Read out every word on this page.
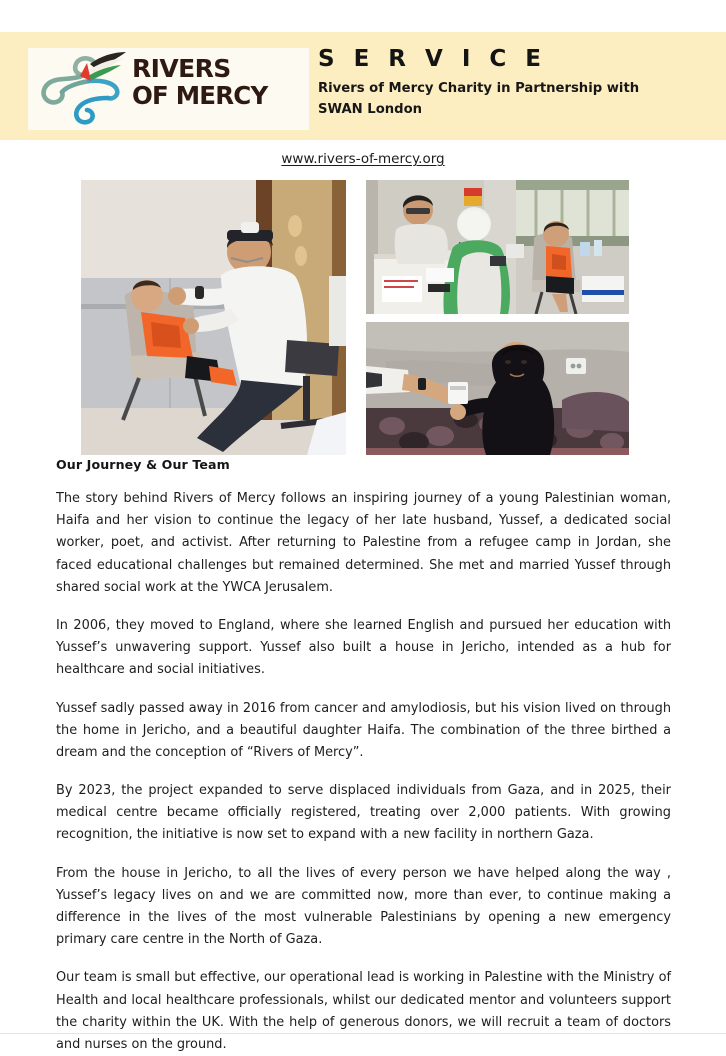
RIVERS
OF MERCY
S E R V I C E
Rivers of Mercy Charity in Partnership with SWAN London
www.rivers-of-mercy.org
Our Journey & Our Team

The story behind Rivers of Mercy follows an inspiring journey of a young Palestinian woman, Haifa and her vision to continue the legacy of her late husband, Yussef, a dedicated social worker, poet, and activist. After returning to Palestine from a refugee camp in Jordan, she faced educational challenges but remained determined. She met and married Yussef through shared social work at the YWCA Jerusalem.

In 2006, they moved to England, where she learned English and pursued her education with Yussef’s unwavering support. Yussef also built a house in Jericho, intended as a hub for healthcare and social initiatives.

Yussef sadly passed away in 2016 from cancer and amylodiosis, but his vision lived on through the home in Jericho, and a beautiful daughter Haifa. The combination of the three birthed a dream and the conception of “Rivers of Mercy”.

By 2023, the project expanded to serve displaced individuals from Gaza, and in 2025, their medical centre became officially registered, treating over 2,000 patients. With growing recognition, the initiative is now set to expand with a new facility in northern Gaza.

From the house in Jericho, to all the lives of every person we have helped along the way , Yussef’s legacy lives on and we are committed now, more than ever, to continue making a difference in the lives of the most vulnerable Palestinians by opening a new emergency primary care centre in the North of Gaza.

Our team is small but effective, our operational lead is working in Palestine with the Ministry of Health and local healthcare professionals, whilst our dedicated mentor and volunteers support the charity within the UK. With the help of generous donors, we will recruit a team of doctors and nurses on the ground.
